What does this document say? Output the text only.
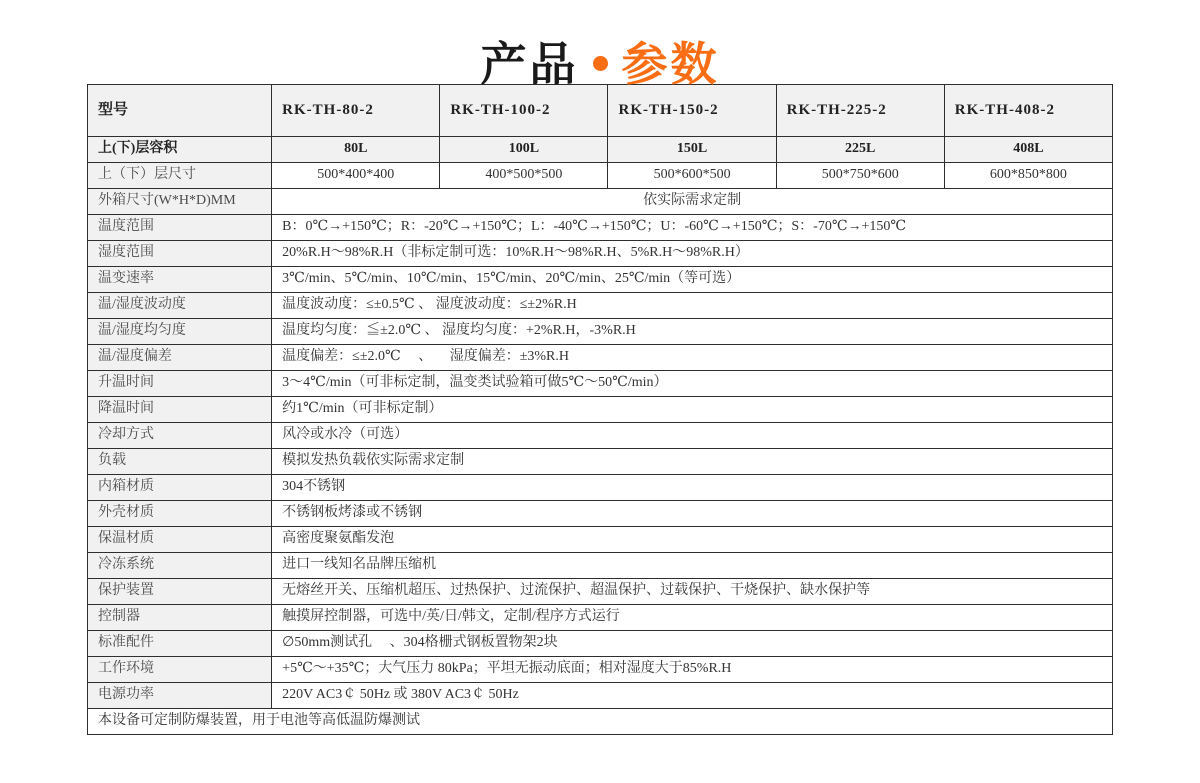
产品 参数
型号	RK-TH-80-2	RK-TH-100-2	RK-TH-150-2	RK-TH-225-2	RK-TH-408-2
上(下)层容积	80L	100L	150L	225L	408L
上（下）层尺寸	500*400*400	400*500*500	500*600*500	500*750*600	600*850*800
外箱尺寸(W*H*D)MM	依实际需求定制				
温度范围	B：0℃→+150℃；R：-20℃→+150℃；L：-40℃→+150℃；U：-60℃→+150℃；S：-70℃→+150℃				
湿度范围	20%R.H～98%R.H（非标定制可选：10%R.H～98%R.H、5%R.H～98%R.H）				
温变速率	3℃/min、5℃/min、10℃/min、15℃/min、20℃/min、25℃/min（等可选）				
温/湿度波动度	温度波动度：≤±0.5℃ 、 湿度波动度：≤±2%R.H				
温/湿度均匀度	温度均匀度：≦±2.0℃ 、 湿度均匀度：+2%R.H，-3%R.H				
温/湿度偏差	温度偏差：≤±2.0℃ 　、 　湿度偏差：±3%R.H				
升温时间	3～4℃/min（可非标定制，温变类试验箱可做5℃～50℃/min）				
降温时间	约1℃/min（可非标定制）				
冷却方式	风冷或水冷（可选）				
负载	模拟发热负载依实际需求定制				
内箱材质	304不锈钢				
外壳材质	不锈钢板烤漆或不锈钢				
保温材质	高密度聚氨酯发泡				
冷冻系统	进口一线知名品牌压缩机				
保护装置	无熔丝开关、压缩机超压、过热保护、过流保护、超温保护、过载保护、干烧保护、缺水保护等				
控制器	触摸屏控制器，可选中/英/日/韩文，定制/程序方式运行				
标准配件	∅50mm测试孔　 、304格栅式钢板置物架2块				
工作环境	+5℃～+35℃；大气压力 80kPa；平坦无振动底面；相对湿度大于85%R.H				
电源功率	220V AC3￠ 50Hz 或 380V AC3￠ 50Hz				
本设备可定制防爆装置，用于电池等高低温防爆测试					
